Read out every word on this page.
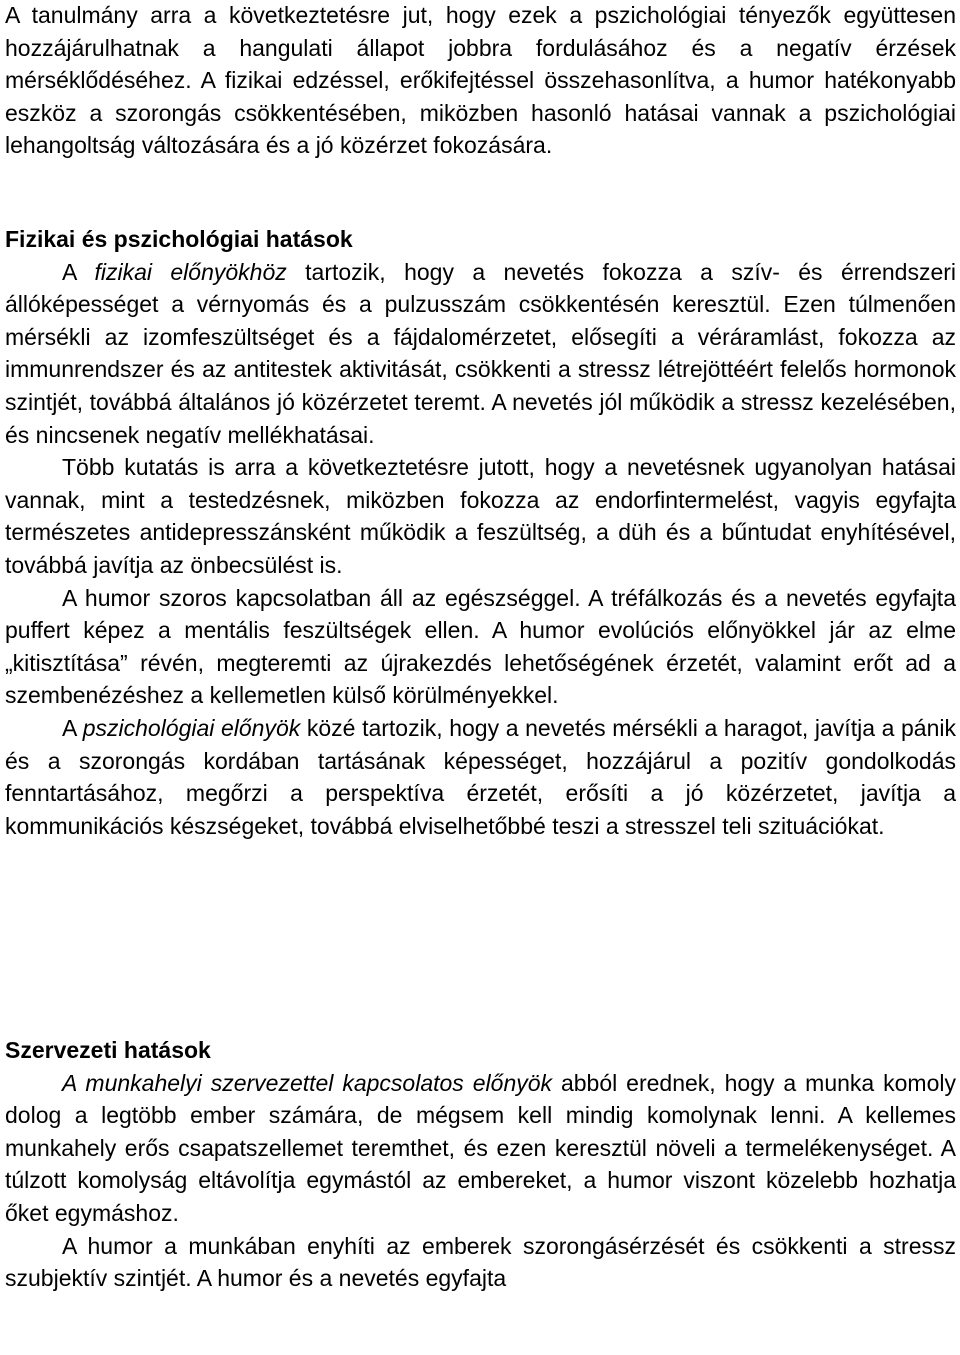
A tanulmány arra a következtetésre jut, hogy ezek a pszichológiai tényezők együttesen hozzájárulhatnak a hangulati állapot jobbra fordulásához és a negatív érzések mérséklődéséhez. A fizikai edzéssel, erőkifejtéssel összehasonlítva, a humor hatékonyabb eszköz a szorongás csökkentésében, miközben hasonló hatásai vannak a pszichológiai lehangoltság változására és a jó közérzet fokozására.

Fizikai és pszichológiai hatások

A fizikai előnyökhöz tartozik, hogy a nevetés fokozza a szív- és érrendszeri állóképességet a vérnyomás és a pulzusszám csökkentésén keresztül. Ezen túlmenően mérsékli az izomfeszültséget és a fájdalomérzetet, elősegíti a véráramlást, fokozza az immunrendszer és az antitestek aktivitását, csökkenti a stressz létrejöttéért felelős hormonok szintjét, továbbá általános jó közérzetet teremt. A nevetés jól működik a stressz kezelésében, és nincsenek negatív mellékhatásai.

Több kutatás is arra a következtetésre jutott, hogy a nevetésnek ugyanolyan hatásai vannak, mint a testedzésnek, miközben fokozza az endorfintermelést, vagyis egyfajta természetes antidepresszánsként működik a feszültség, a düh és a bűntudat enyhítésével, továbbá javítja az önbecsülést is.

A humor szoros kapcsolatban áll az egészséggel. A tréfálkozás és a nevetés egyfajta puffert képez a mentális feszültségek ellen. A humor evolúciós előnyökkel jár az elme „kitisztítása” révén, megteremti az újrakezdés lehetőségének érzetét, valamint erőt ad a szembenézéshez a kellemetlen külső körülményekkel.

A pszichológiai előnyök közé tartozik, hogy a nevetés mérsékli a haragot, javítja a pánik és a szorongás kordában tartásának képességet, hozzájárul a pozitív gondolkodás fenntartásához, megőrzi a perspektíva érzetét, erősíti a jó közérzetet, javítja a kommunikációs készségeket, továbbá elviselhetőbbé teszi a stresszel teli szituációkat.

Szervezeti hatások

A munkahelyi szervezettel kapcsolatos előnyök abból erednek, hogy a munka komoly dolog a legtöbb ember számára, de mégsem kell mindig komolynak lenni. A kellemes munkahely erős csapatszellemet teremthet, és ezen keresztül növeli a termelékenységet. A túlzott komolyság eltávolítja egymástól az embereket, a humor viszont közelebb hozhatja őket egymáshoz.

A humor a munkában enyhíti az emberek szorongásérzését és csökkenti a stressz szubjektív szintjét. A humor és a nevetés egyfajta
